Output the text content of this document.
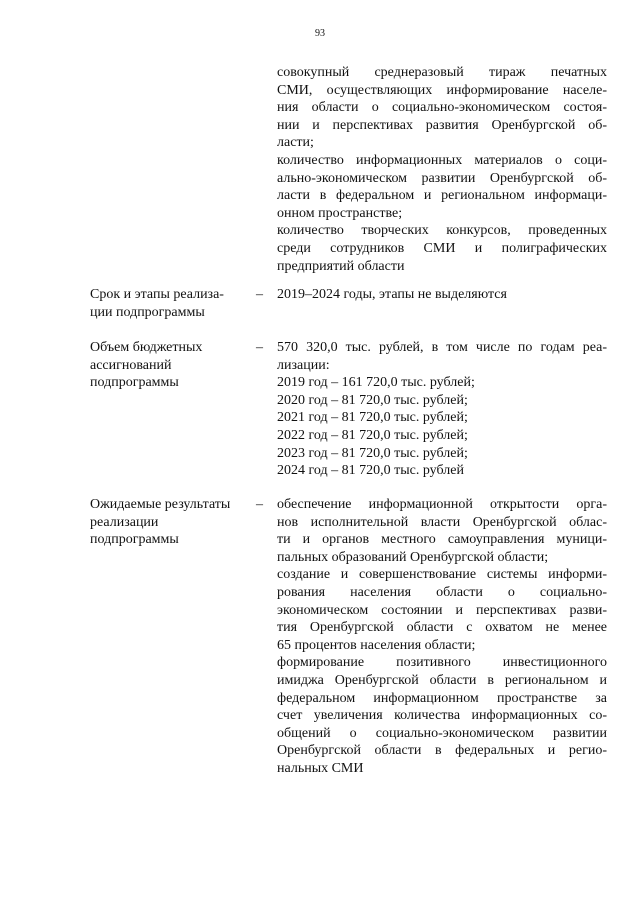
93
совокупный среднеразовый тираж печатных
СМИ, осуществляющих информирование населе-
ния области о социально-экономическом состоя-
нии и перспективах развития Оренбургской об-
ласти;
количество информационных материалов о соци-
ально-экономическом развитии Оренбургской об-
ласти в федеральном и региональном информаци-
онном пространстве;
количество творческих конкурсов, проведенных
среди сотрудников СМИ и полиграфических
предприятий области
Срок и этапы реализа-
ции подпрограммы
–	2019–2024 годы, этапы не выделяются
Объем бюджетных
ассигнований
подпрограммы
–	570 320,0 тыс. рублей, в том числе по годам реа-
лизации:
2019 год – 161 720,0 тыс. рублей;
2020 год – 81 720,0 тыс. рублей;
2021 год – 81 720,0 тыс. рублей;
2022 год – 81 720,0 тыс. рублей;
2023 год – 81 720,0 тыс. рублей;
2024 год – 81 720,0 тыс. рублей
Ожидаемые результаты
реализации
подпрограммы
–	обеспечение информационной открытости орга-
нов исполнительной власти Оренбургской облас-
ти и органов местного самоуправления муници-
пальных образований Оренбургской области;
создание и совершенствование системы информи-
рования населения области о социально-
экономическом состоянии и перспективах разви-
тия Оренбургской области с охватом не менее
65 процентов населения области;
формирование позитивного инвестиционного
имиджа Оренбургской области в региональном и
федеральном информационном пространстве за
счет увеличения количества информационных со-
общений о социально-экономическом развитии
Оренбургской области в федеральных и регио-
нальных СМИ
